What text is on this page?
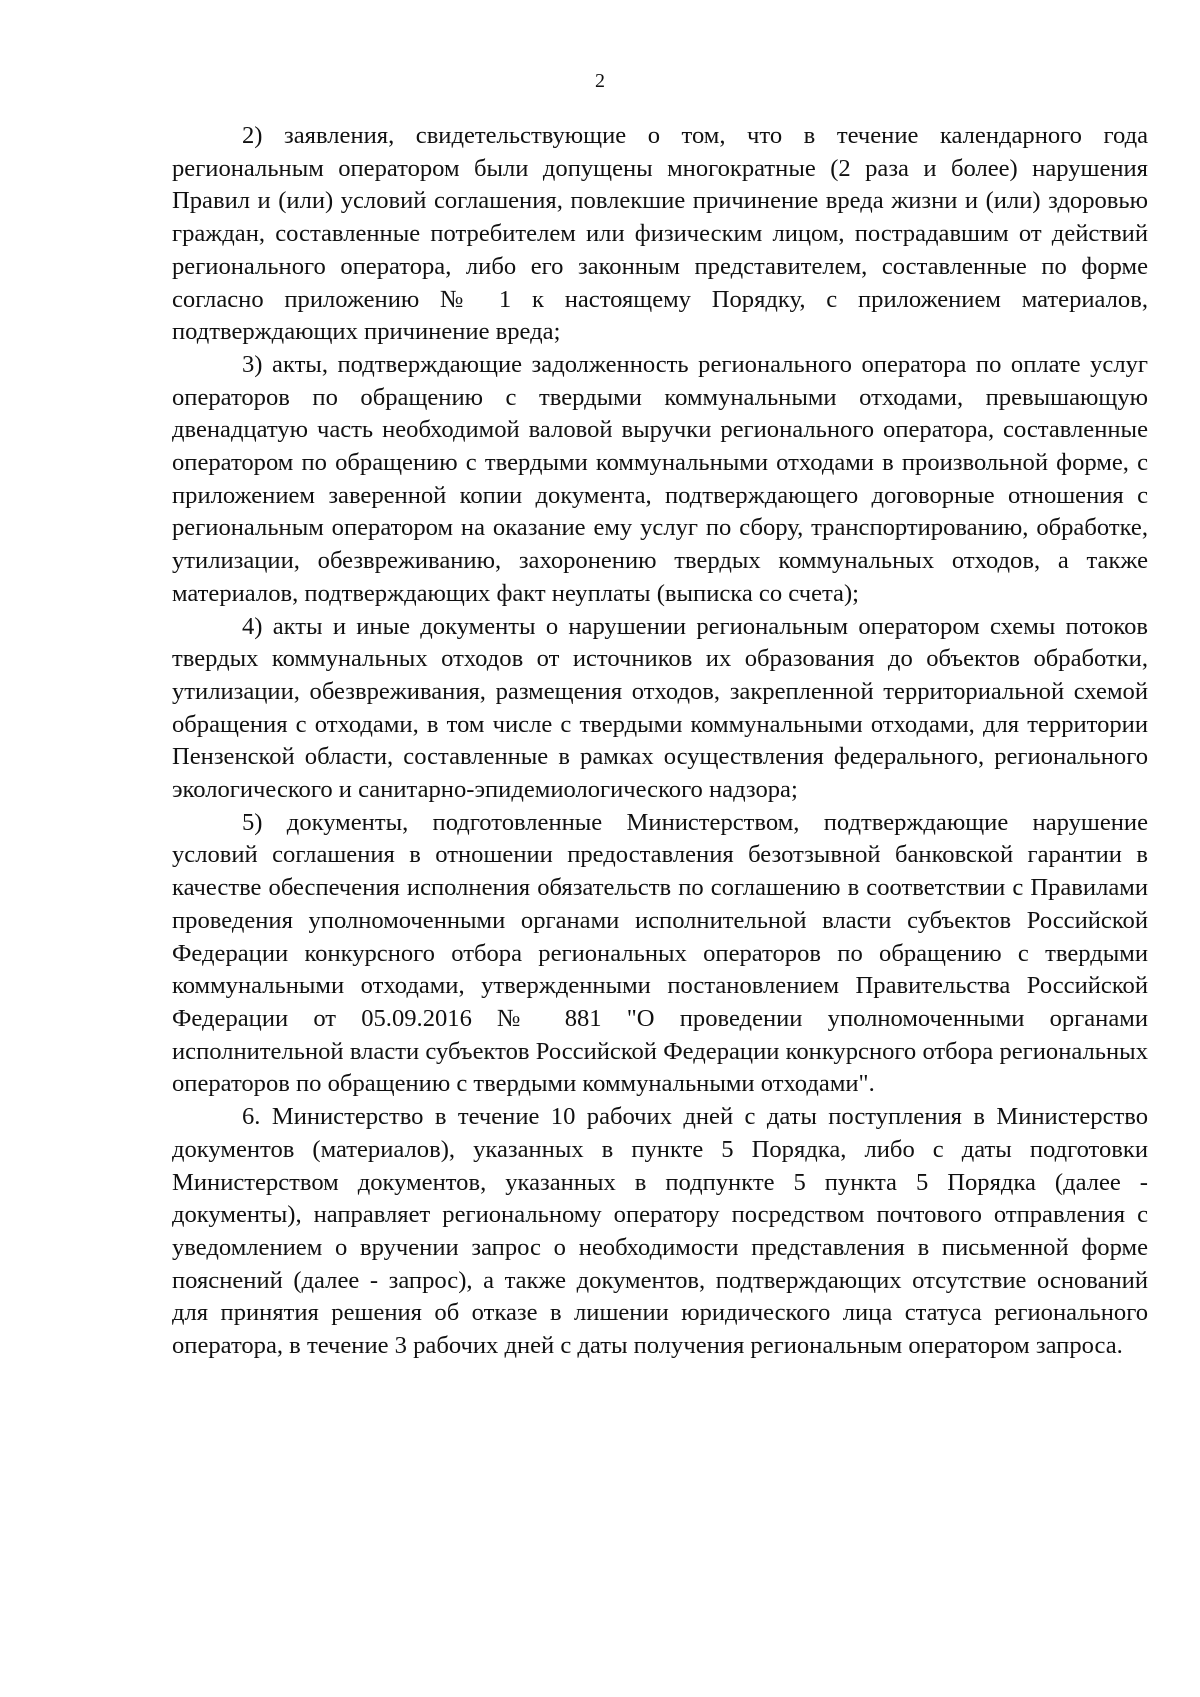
2

2) заявления, свидетельствующие о том, что в течение календарного года региональным оператором были допущены многократные (2 раза и более) нарушения Правил и (или) условий соглашения, повлекшие причинение вреда жизни и (или) здоровью граждан, составленные потребителем или физическим лицом, пострадавшим от действий регионального оператора, либо его законным представителем, составленные по форме согласно приложению № 1 к настоящему Порядку, с приложением материалов, подтверждающих причинение вреда;

3) акты, подтверждающие задолженность регионального оператора по оплате услуг операторов по обращению с твердыми коммунальными отходами, превышающую двенадцатую часть необходимой валовой выручки регионального оператора, составленные оператором по обращению с твердыми коммунальными отходами в произвольной форме, с приложением заверенной копии документа, подтверждающего договорные отношения с региональным оператором на оказание ему услуг по сбору, транспортированию, обработке, утилизации, обезвреживанию, захоронению твердых коммунальных отходов, а также материалов, подтверждающих факт неуплаты (выписка со счета);

4) акты и иные документы о нарушении региональным оператором схемы потоков твердых коммунальных отходов от источников их образования до объектов обработки, утилизации, обезвреживания, размещения отходов, закрепленной территориальной схемой обращения с отходами, в том числе с твердыми коммунальными отходами, для территории Пензенской области, составленные в рамках осуществления федерального, регионального экологического и санитарно-эпидемиологического надзора;

5) документы, подготовленные Министерством, подтверждающие нарушение условий соглашения в отношении предоставления безотзывной банковской гарантии в качестве обеспечения исполнения обязательств по соглашению в соответствии с Правилами проведения уполномоченными органами исполнительной власти субъектов Российской Федерации конкурсного отбора региональных операторов по обращению с твердыми коммунальными отходами, утвержденными постановлением Правительства Российской Федерации от 05.09.2016 № 881 "О проведении уполномоченными органами исполнительной власти субъектов Российской Федерации конкурсного отбора региональных операторов по обращению с твердыми коммунальными отходами".

6. Министерство в течение 10 рабочих дней с даты поступления в Министерство документов (материалов), указанных в пункте 5 Порядка, либо с даты подготовки Министерством документов, указанных в подпункте 5 пункта 5 Порядка (далее - документы), направляет региональному оператору посредством почтового отправления с уведомлением о вручении запрос о необходимости представления в письменной форме пояснений (далее - запрос), а также документов, подтверждающих отсутствие оснований для принятия решения об отказе в лишении юридического лица статуса регионального оператора, в течение 3 рабочих дней с даты получения региональным оператором запроса.
